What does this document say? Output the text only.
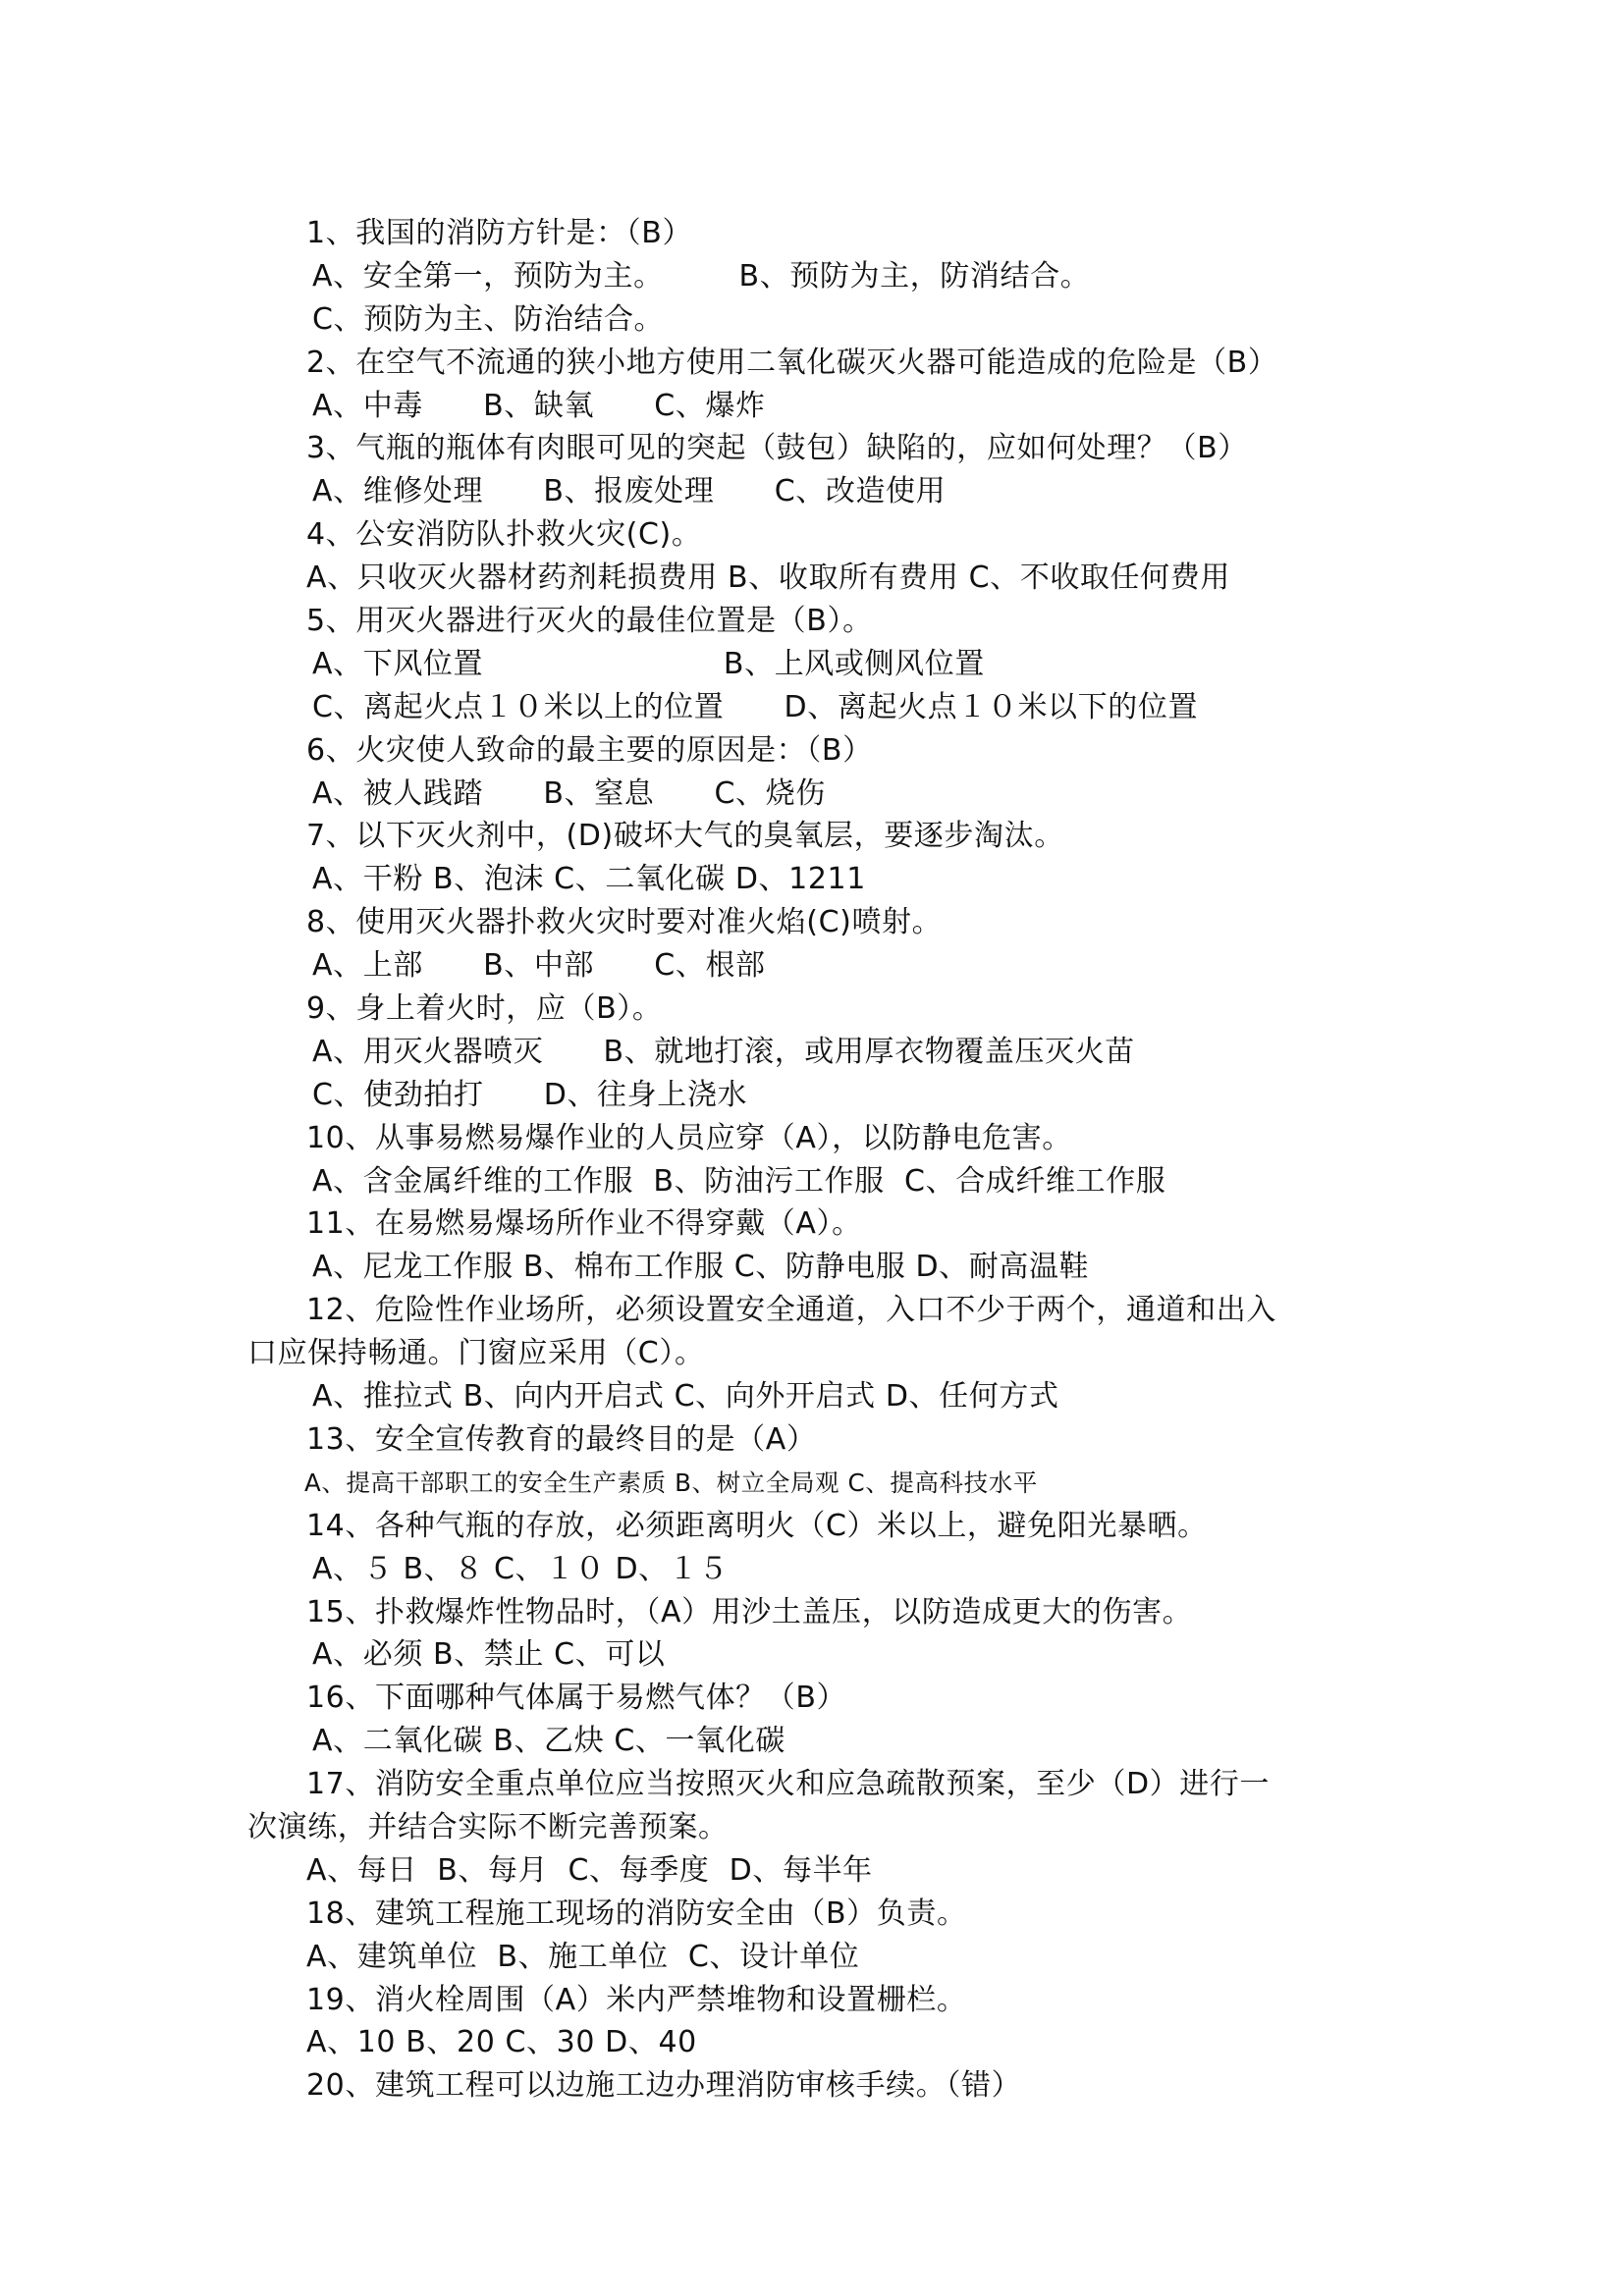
1、我国的消防方针是：（B）
A、安全第一，预防为主。　　　B、预防为主，防消结合。
C、预防为主、防治结合。
2、在空气不流通的狭小地方使用二氧化碳灭火器可能造成的危险是（B）
A、中毒　　B、缺氧　　C、爆炸
3、气瓶的瓶体有肉眼可见的突起（鼓包）缺陷的，应如何处理？（B）
A、维修处理　　B、报废处理　　C、改造使用
4、公安消防队扑救火灾(C)。
A、只收灭火器材药剂耗损费用 B、收取所有费用 C、不收取任何费用
5、用灭火器进行灭火的最佳位置是（B）。
A、下风位置　　　　　　　　B、上风或侧风位置
C、离起火点１０米以上的位置　　D、离起火点１０米以下的位置
6、火灾使人致命的最主要的原因是：（B）
A、被人践踏　　B、窒息　　C、烧伤
7、以下灭火剂中，(D)破坏大气的臭氧层，要逐步淘汰。
A、干粉 B、泡沫 C、二氧化碳 D、1211
8、使用灭火器扑救火灾时要对准火焰(C)喷射。
A、上部　　B、中部　　C、根部
9、身上着火时，应（B）。
A、用灭火器喷灭　　B、就地打滚，或用厚衣物覆盖压灭火苗
C、使劲拍打　　D、往身上浇水
10、从事易燃易爆作业的人员应穿（A），以防静电危害。
A、含金属纤维的工作服  B、防油污工作服  C、合成纤维工作服
11、在易燃易爆场所作业不得穿戴（A）。
A、尼龙工作服 B、棉布工作服 C、防静电服 D、耐高温鞋
12、危险性作业场所，必须设置安全通道，入口不少于两个，通道和出入
口应保持畅通。门窗应采用（C）。
A、推拉式 B、向内开启式 C、向外开启式 D、任何方式
13、安全宣传教育的最终目的是（A）
A、提高干部职工的安全生产素质 B、树立全局观 C、提高科技水平
14、各种气瓶的存放，必须距离明火（C）米以上，避免阳光暴晒。
A、５ B、８ C、１０ D、１５
15、扑救爆炸性物品时，（A）用沙土盖压，以防造成更大的伤害。
A、必须 B、禁止 C、可以
16、下面哪种气体属于易燃气体？（B）
A、二氧化碳 B、乙炔 C、一氧化碳
17、消防安全重点单位应当按照灭火和应急疏散预案，至少（D）进行一
次演练，并结合实际不断完善预案。
A、每日  B、每月  C、每季度  D、每半年
18、建筑工程施工现场的消防安全由（B）负责。
A、建筑单位  B、施工单位  C、设计单位
19、消火栓周围（A）米内严禁堆物和设置栅栏。
A、10 B、20 C、30 D、40
20、建筑工程可以边施工边办理消防审核手续。（错）
